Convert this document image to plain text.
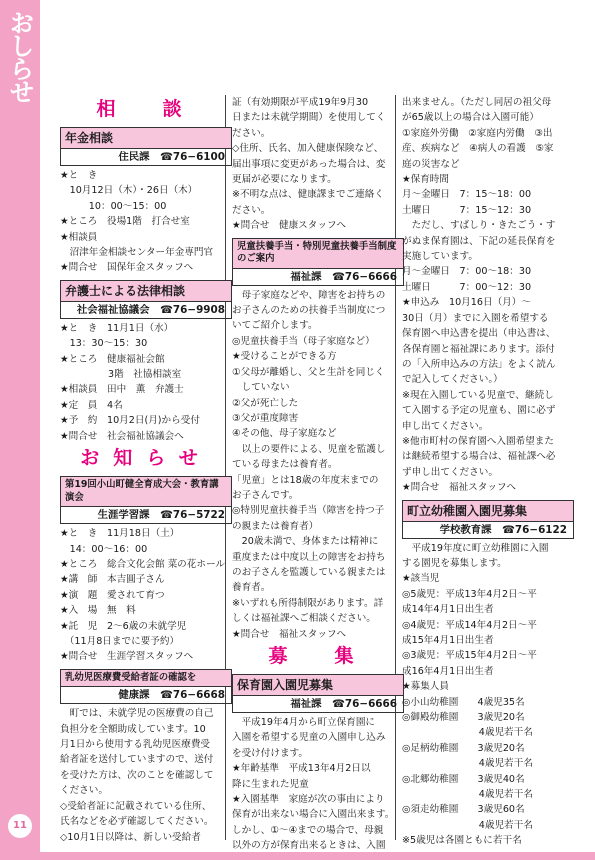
おしらせ
11
相　談
年金相談
住民課　☎76−6100
★と　き
　10月12日（木）・26日（木）
　　　10：00〜15：00
★ところ　役場1階　打合せ室
★相談員
　沼津年金相談センター年金専門官
★問合せ　国保年金スタッフへ
弁護士による法律相談
社会福祉協議会　☎76−9908
★と　き　11月1日（水）
　13：30〜15：30
★ところ　健康福祉会館
　　　　　3階　社協相談室
★相談員　田中　薫　弁護士
★定　員　4名
★予　約　10月2日(月)から受付
★問合せ　社会福祉協議会へ
お知らせ
第19回小山町健全育成大会・教育講演会
生涯学習課　☎76−5722
★と　き　11月18日（土）
　14：00〜16：00
★ところ　総合文化会館 菜の花ホール
★講　師　本吉圓子さん
★演　題　愛されて育つ
★入　場　無　料
★託　児　2〜6歳の未就学児
　（11月8日までに要予約）
★問合せ　生涯学習スタッフへ
乳幼児医療費受給者証の確認を
健康課　☎76−6668
　町では、未就学児の医療費の自己
負担分を全額助成しています。10
月1日から使用する乳幼児医療費受
給者証を送付していますので、送付
を受けた方は、次のことを確認して
ください。
◇受給者証に記載されている住所、
氏名などを必ず確認してください。
◇10月1日以降は、新しい受給者
証（有効期限が平成19年9月30
日または未就学期間）を使用してく
ださい。
◇住所、氏名、加入健康保険など、
届出事項に変更があった場合は、変
更届が必要になります。
※不明な点は、健康課までご連絡く
ださい。
★問合せ　健康スタッフへ
児童扶養手当・特別児童扶養手当制度のご案内
福祉課　☎76−6666
　母子家庭などや、障害をお持ちの
お子さんのための扶養手当制度につ
いてご紹介します。
◎児童扶養手当（母子家庭など）
★受けることができる方
①父母が離婚し、父と生計を同じく
　していない
②父が死亡した
③父が重度障害
④その他、母子家庭など
　以上の要件による、児童を監護し
ている母または養育者。
「児童」とは18歳の年度末までの
お子さんです。
◎特別児童扶養手当（障害を持つ子
の親または養育者）
　20歳未満で、身体または精神に
重度または中度以上の障害をお持ち
のお子さんを監護している親または
養育者。
※いずれも所得制限があります。詳
しくは福祉課へご相談ください。
★問合せ　福祉スタッフへ
募　集
保育園入園児募集
福祉課　☎76−6666
　平成19年4月から町立保育園に
入園を希望する児童の入園申し込み
を受け付けます。
★年齢基準　平成13年4月2日以
降に生まれた児童
★入園基準　家庭が次の事由により
保育が出来ない場合に入園出来ます。
しかし、①〜④までの場合で、母親
以外の方が保育出来るときは、入園
出来ません。（ただし同居の祖父母
が65歳以上の場合は入園可能）
①家庭外労働　②家庭内労働　③出
産、疾病など　④病人の看護　⑤家
庭の災害など
★保育時間
月〜金曜日　7：15〜18：00
土曜日　　　7：15〜12：30
　ただし、すばしり・きたごう・す
がぬま保育園は、下記の延長保育を
実施しています。
月〜金曜日　7：00〜18：30
土曜日　　　7：00〜12：30
★申込み　10月16日（月）〜
30日（月）までに入園を希望する
保育園へ申込書を提出（申込書は、
各保育園と福祉課にあります。添付
の「入所申込みの方法」をよく読ん
で記入してください。）
※現在入園している児童で、継続し
て入園する予定の児童も、園に必ず
申し出てください。
※他市町村の保育園へ入園希望また
は継続希望する場合は、福祉課へ必
ず申し出てください。
★問合せ　福祉スタッフへ
町立幼稚園入園児募集
学校教育課　☎76−6122
　平成19年度に町立幼稚園に入園
する園児を募集します。
★該当児
◎5歳児：平成13年4月2日〜平
成14年4月1日出生者
◎4歳児：平成14年4月2日〜平
成15年4月1日出生者
◎3歳児：平成15年4月2日〜平
成16年4月1日出生者
★募集人員
◎小山幼稚園　　4歳児35名
◎御殿幼稚園　　3歳児20名
　　　　　　　　4歳児若干名
◎足柄幼稚園　　3歳児20名
　　　　　　　　4歳児若干名
◎北郷幼稚園　　3歳児40名
　　　　　　　　4歳児若干名
◎須走幼稚園　　3歳児60名
　　　　　　　　4歳児若干名
※5歳児は各園ともに若干名
